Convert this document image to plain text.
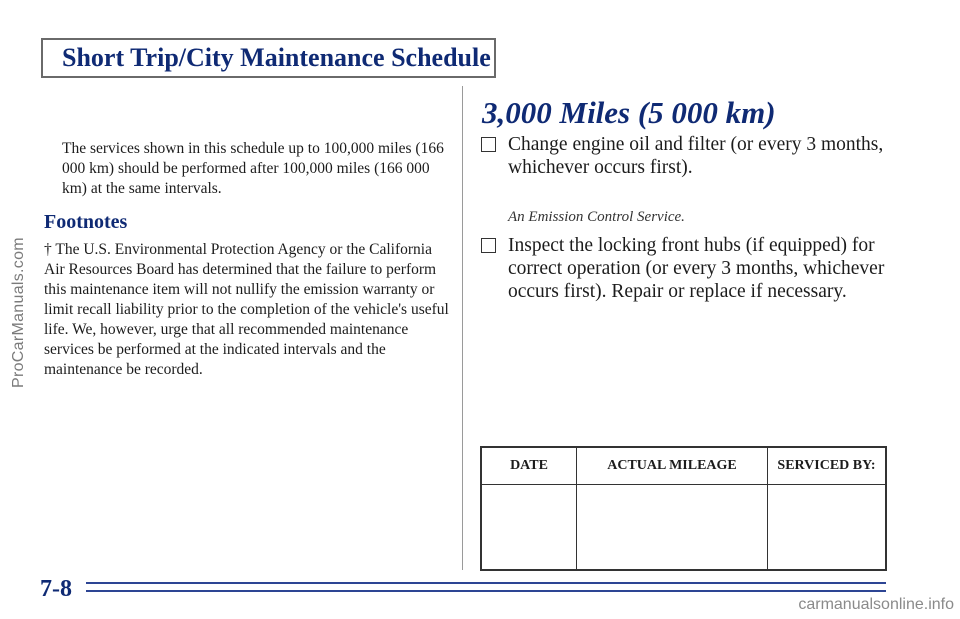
Short Trip/City Maintenance Schedule
ProCarManuals.com

The services shown in this schedule up to 100,000 miles (166 000 km) should be performed after 100,000 miles (166 000 km) at the same intervals.

Footnotes

† The U.S. Environmental Protection Agency or the California Air Resources Board has determined that the failure to perform this maintenance item will not nullify the emission warranty or limit recall liability prior to the completion of the vehicle's useful life. We, however, urge that all recommended maintenance services be performed at the indicated intervals and the maintenance be recorded.

3,000 Miles (5 000 km)
Change engine oil and filter (or every 3 months, whichever occurs first).

An Emission Control Service.

Inspect the locking front hubs (if equipped) for correct operation (or every 3 months, whichever occurs first). Repair or replace if necessary.
DATE	ACTUAL MILEAGE	SERVICED BY:

7-8

carmanualsonline.info
